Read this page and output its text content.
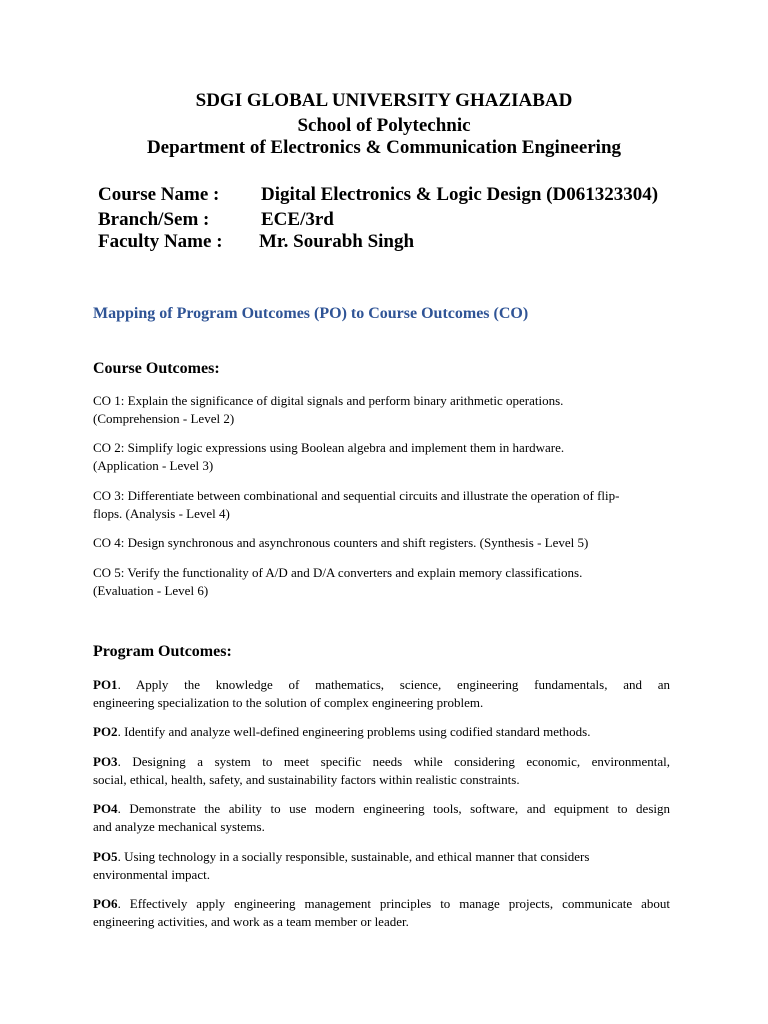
SDGI GLOBAL UNIVERSITY GHAZIABAD
School of Polytechnic
Department of Electronics & Communication Engineering
Course Name : Digital Electronics & Logic Design (D061323304)
Branch/Sem :	ECE/3rd
Faculty Name : Mr. Sourabh Singh
Mapping of Program Outcomes (PO) to Course Outcomes (CO)
Course Outcomes:
CO 1: Explain the significance of digital signals and perform binary arithmetic operations.
(Comprehension - Level 2)
CO 2: Simplify logic expressions using Boolean algebra and implement them in hardware.
(Application - Level 3)
CO 3: Differentiate between combinational and sequential circuits and illustrate the operation of flip-
flops. (Analysis - Level 4)
CO 4: Design synchronous and asynchronous counters and shift registers. (Synthesis - Level 5)
CO 5: Verify the functionality of A/D and D/A converters and explain memory classifications.
(Evaluation - Level 6)
Program Outcomes:
PO1. Apply the knowledge of mathematics, science, engineering fundamentals, and an
engineering specialization to the solution of complex engineering problem.
PO2. Identify and analyze well-defined engineering problems using codified standard methods.
PO3. Designing a system to meet specific needs while considering economic, environmental,
social, ethical, health, safety, and sustainability factors within realistic constraints.
PO4. Demonstrate the ability to use modern engineering tools, software, and equipment to design
and analyze mechanical systems.
PO5. Using technology in a socially responsible, sustainable, and ethical manner that considers
environmental impact.
PO6. Effectively apply engineering management principles to manage projects, communicate about
engineering activities, and work as a team member or leader.
